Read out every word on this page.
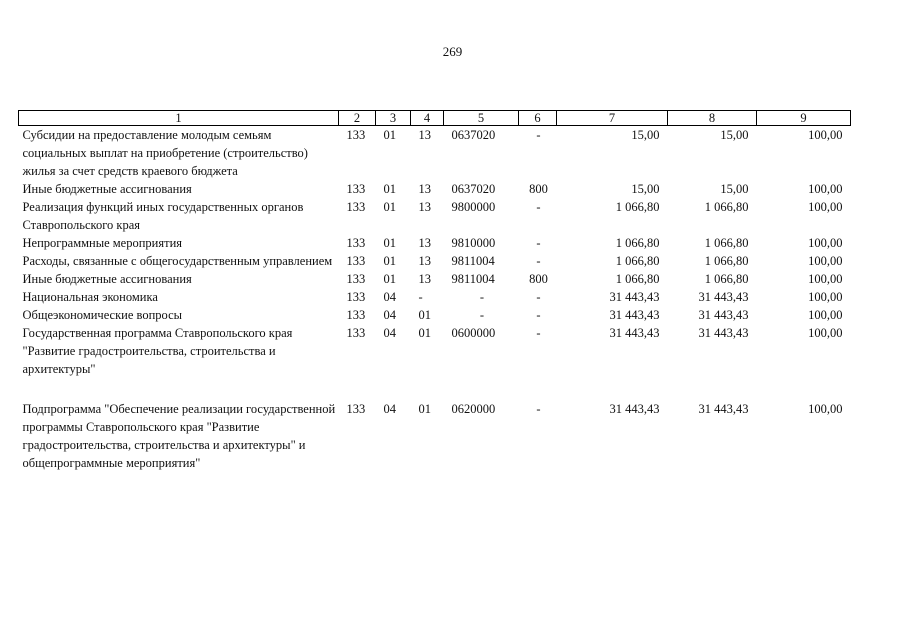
269
1	2	3	4	5	6	7	8	9
Субсидии на предоставление молодым семьям социальных выплат на приобретение (строительство) жилья за счет средств краевого бюджета	133	01	13	0637020	-	15,00	15,00	100,00
Иные бюджетные ассигнования	133	01	13	0637020	800	15,00	15,00	100,00
Реализация функций иных государственных органов Ставропольского края	133	01	13	9800000	-	1 066,80	1 066,80	100,00
Непрограммные мероприятия	133	01	13	9810000	-	1 066,80	1 066,80	100,00
Расходы, связанные с общегосударственным управлением	133	01	13	9811004	-	1 066,80	1 066,80	100,00
Иные бюджетные ассигнования	133	01	13	9811004	800	1 066,80	1 066,80	100,00
Национальная экономика	133	04	-	-	-	31 443,43	31 443,43	100,00
Общеэкономические вопросы	133	04	01	-	-	31 443,43	31 443,43	100,00
Государственная программа Ставропольского края "Развитие градостроительства, строительства и архитектуры"	133	04	01	0600000	-	31 443,43	31 443,43	100,00

Подпрограмма "Обеспечение реализации государственной программы Ставропольского края "Развитие градостроительства, строительства и архитектуры" и общепрограммные мероприятия"	133	04	01	0620000	-	31 443,43	31 443,43	100,00
